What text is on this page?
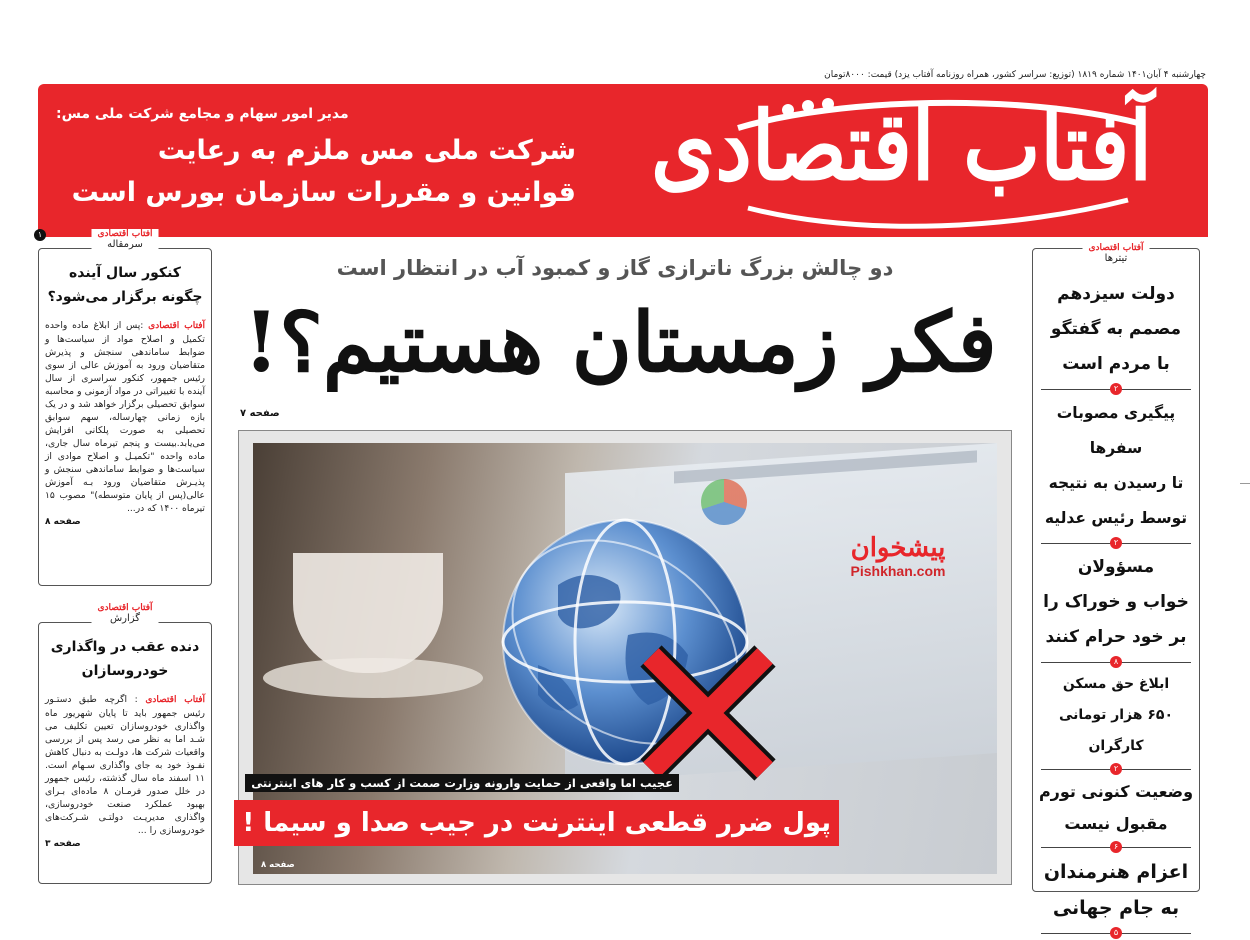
چهارشنبه ۴ آبان۱۴۰۱ شماره ۱۸۱۹ (توزیع: سراسر کشور، همراه روزنامه آفتاب یزد) قیمت: ۸۰۰۰تومان
آفتاب اقتصادی
مدیر امور سهام و مجامع شرکت ملی مس:
شرکت ملی مس ملزم به رعایت
قوانین و مقررات سازمان بورس است
۱	آفتاب اقتصادی
سرمقاله
کنکور سال آینده
چگونه برگزار می‌شود؟
آفتاب اقتصادی :پس از ابلاغ ماده واحده تکمیل و اصلاح مواد از سیاست‌ها و ضوابط ساماندهی سنجش و پذیرش متقاضیان ورود به آموزش عالی از سوی رئیس جمهور، کنکور سراسری از سال آینده با تغییراتی در مواد آزمونی و محاسبه سوابق تحصیلی برگزار خواهد شد و در یک بازه زمانی چهارساله، سهم سوابق تحصیلی به صورت پلکانی افزایش می‌یابد.بیست و پنجم تیرماه سال جاری، ماده واحده "تکمیـل و اصلاح موادی از سیاست‌ها و ضوابط ساماندهی سنجش و پذیـرش متقاضیان ورود بـه آموزش عالی(پس از پایان متوسطه)" مصوب ۱۵ تیرماه ۱۴۰۰ که در...
صفحه ۸
آفتاب اقتصادی
گزارش
دنده عقب در واگذاری
خودروسازان
آفتاب اقتصادی : اگرچه طبق دستـور رئیس جمهور باید تا پایان شهریور ماه واگذاری خودروسازان تعیین تکلیف می شـد اما به نظر می رسد پس از بررسی واقعیات شرکت ها، دولـت به دنبال کاهش نفـوذ خود به جای واگذاری سـهام است. ۱۱ اسفند ماه سال گذشته، رئیس جمهور در خلل صدور فرمـان ۸ ماده‌ای بـرای بهبود عملکرد صنعت خودروسازی، واگذاری مدیریـت دولتـی شـرکت‌های خودروسازی را ...
صفحه ۳
دو چالش بزرگ ناترازی گاز و کمبود آب در انتظار است
فکر زمستان هستیم؟!
صفحه ۷
پیشخوان
Pishkhan.com
عجیب اما واقعی از حمایت وارونه وزارت صمت از کسب و کار های اینترنتی
پول ضرر قطعی اینترنت در جیب صدا و سیما !
صفحه ۸
آفتاب اقتصادی
تیترها
دولت سیزدهم
مصمم به گفتگو
با مردم است
۲
پیگیری مصوبات سفرها
تا رسیدن به نتیجه
توسط رئیس عدلیه
۲
مسؤولان
خواب و خوراک را
بر خود حرام کنند
۸
ابلاغ حق مسکن
۶۵۰ هزار تومانی کارگران
۲
وضعیت کنونی تورم
مقبول نیست
۶
اعزام هنرمندان
به جام جهانی
۵
